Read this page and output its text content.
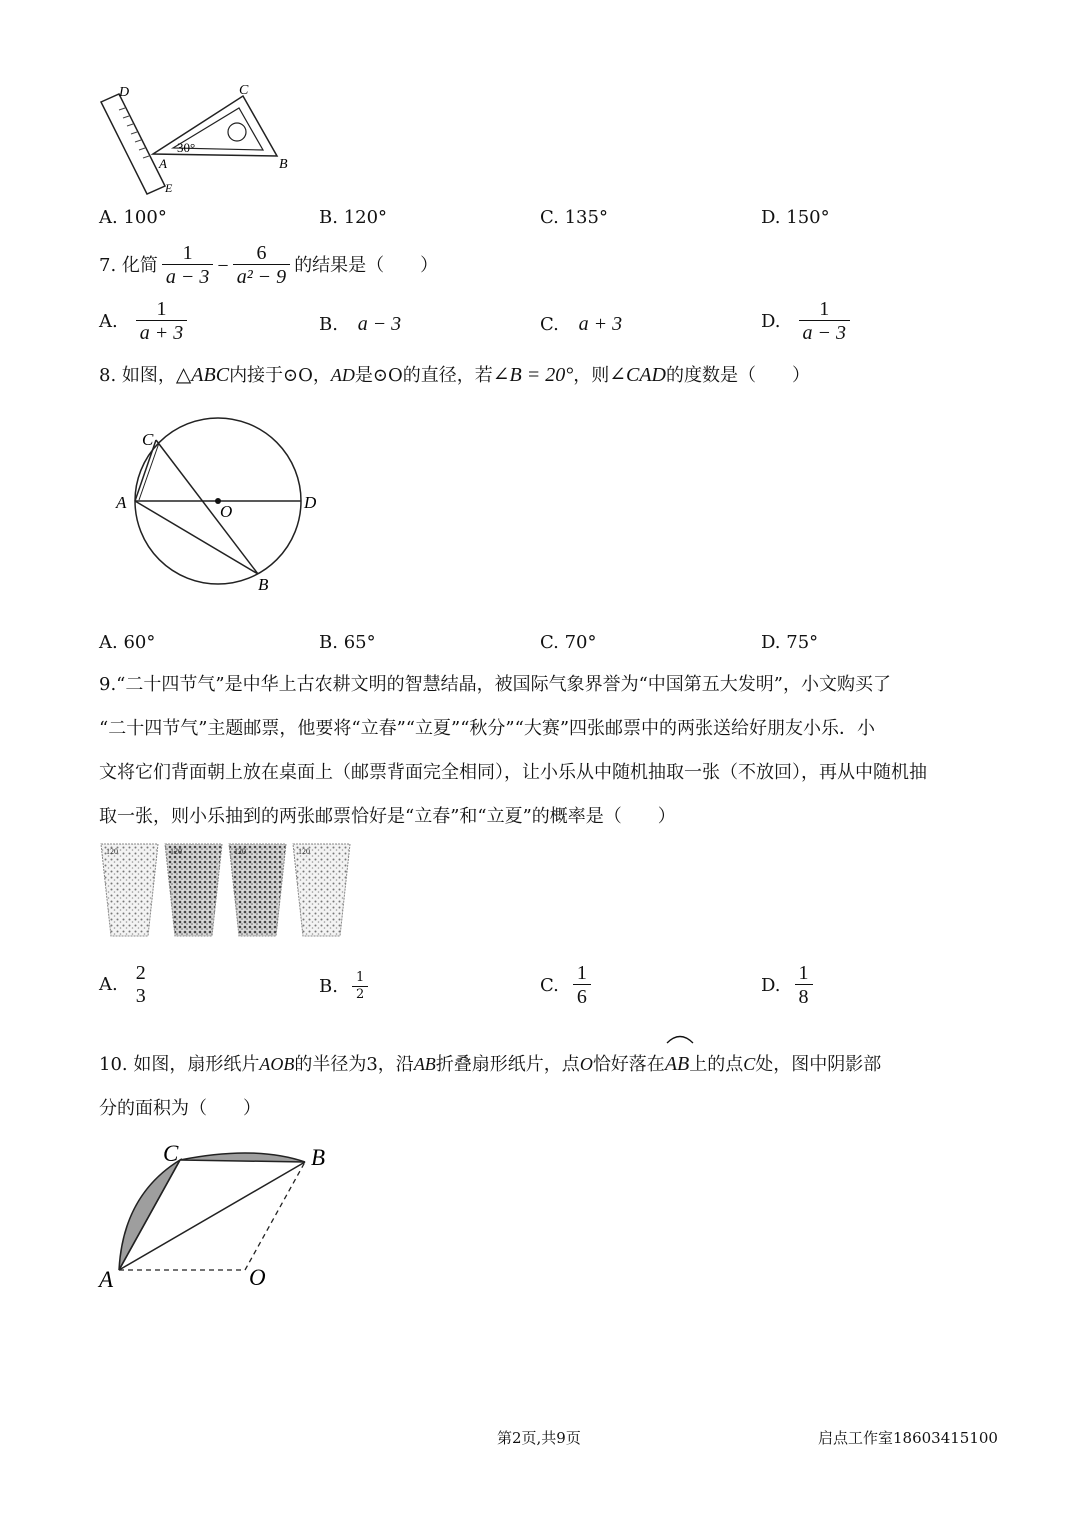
D	C
30°
A	B
E
A. 100°	B. 120°	C. 135°	D. 150°
7. 化简 $\frac{1}{a - 3} - \frac{6}{\text{a² − 9}}$ 的结果是（　　）
A. $\frac{1}{a + 3}$	B. a − 3	C. a + 3	D. $\frac{1}{a - 3}$
8. 如图，△ABC内接于⊙O，AD是⊙O的直径，若∠B = 20°，则∠CAD的度数是（　　）
C
A	O	D
B
A. 60°	B. 65°	C. 70°	D. 75°
9.“二十四节气”是中华上古农耕文明的智慧结晶，被国际气象界誉为“中国第五大发明”，小文购买了
“二十四节气”主题邮票，他要将“立春”“立夏”“秋分”“大赛”四张邮票中的两张送给好朋友小乐．小
文将它们背面朝上放在桌面上（邮票背面完全相同），让小乐从中随机抽取一张（不放回），再从中随机抽
取一张，则小乐抽到的两张邮票恰好是“立春”和“立夏”的概率是（　　）
120	120	120	120
A.
2
3	B. $\frac{1}{2}$	C. $\frac{1}{6}$	D. $\frac{1}{8}$
10. 如图，扇形纸片AOB的半径为3，沿AB折叠扇形纸片，点O恰好落在
AB上的点C处，图中阴影部
分的面积为（　　）
C	B
A	O
第2页,共9页	启点工作室18603415100
